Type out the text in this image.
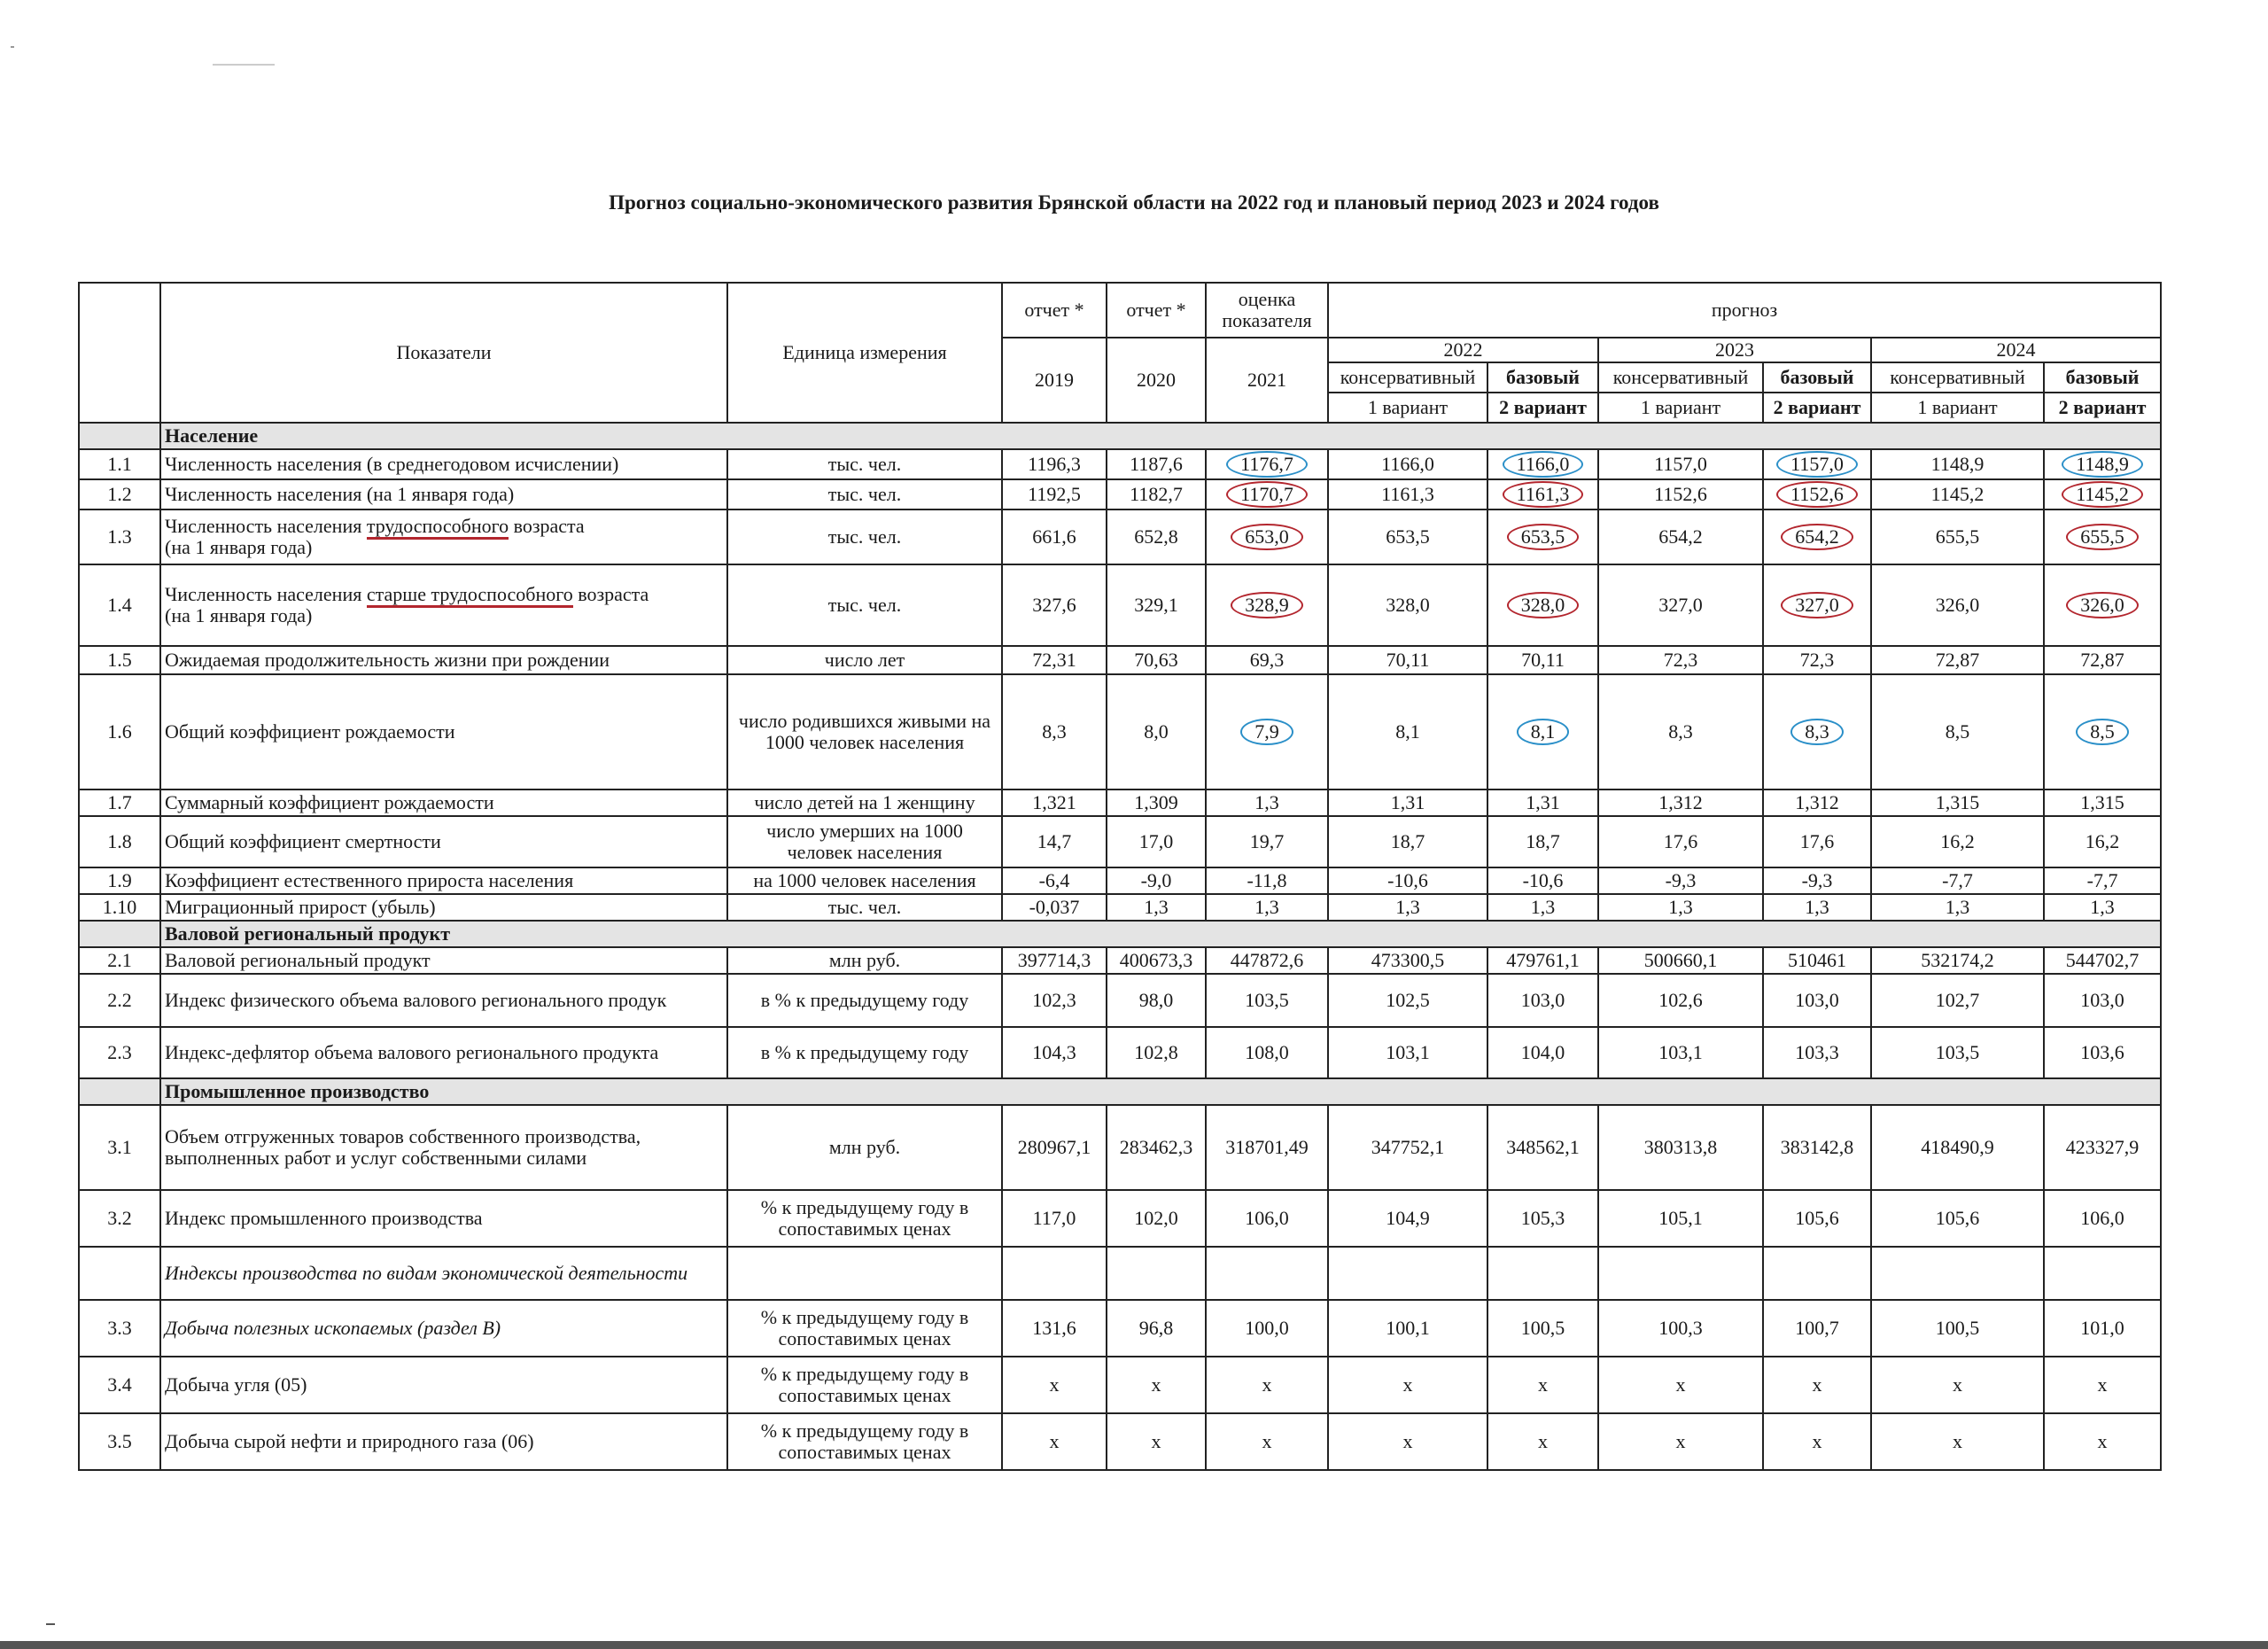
Прогноз социально-экономического развития Брянской области на 2022 год и плановый период 2023 и 2024 годов
	Показатели	Единица измерения	отчет *	отчет *	оценка показателя	прогноз					
			2019	2020	2021	2022		2023		2024	
						консервативный	базовый	консервативный	базовый	консервативный	базовый
						1 вариант	2 вариант	1 вариант	2 вариант	1 вариант	2 вариант
	Население										
1.1	Численность населения (в среднегодовом исчислении)	тыс. чел.	1196,3	1187,6	1176,7	1166,0	1166,0	1157,0	1157,0	1148,9	1148,9
1.2	Численность населения (на 1 января года)	тыс. чел.	1192,5	1182,7	1170,7	1161,3	1161,3	1152,6	1152,6	1145,2	1145,2
1.3	Численность населения трудоспособного возраста
(на 1 января года)	тыс. чел.	661,6	652,8	653,0	653,5	653,5	654,2	654,2	655,5	655,5
1.4	Численность населения старше трудоспособного возраста
(на 1 января года)	тыс. чел.	327,6	329,1	328,9	328,0	328,0	327,0	327,0	326,0	326,0
1.5	Ожидаемая продолжительность жизни при рождении	число лет	72,31	70,63	69,3	70,11	70,11	72,3	72,3	72,87	72,87
1.6	Общий коэффициент рождаемости	число родившихся живыми на 1000 человек населения	8,3	8,0	7,9	8,1	8,1	8,3	8,3	8,5	8,5
1.7	Суммарный коэффициент рождаемости	число детей на 1 женщину	1,321	1,309	1,3	1,31	1,31	1,312	1,312	1,315	1,315
1.8	Общий коэффициент смертности	число умерших на 1000 человек населения	14,7	17,0	19,7	18,7	18,7	17,6	17,6	16,2	16,2
1.9	Коэффициент естественного прироста населения	на 1000 человек населения	-6,4	-9,0	-11,8	-10,6	-10,6	-9,3	-9,3	-7,7	-7,7
1.10	Миграционный прирост (убыль)	тыс. чел.	-0,037	1,3	1,3	1,3	1,3	1,3	1,3	1,3	1,3
	Валовой региональный продукт										
2.1	Валовой региональный продукт	млн руб.	397714,3	400673,3	447872,6	473300,5	479761,1	500660,1	510461	532174,2	544702,7
2.2	Индекс физического объема валового регионального продук	в % к предыдущему году	102,3	98,0	103,5	102,5	103,0	102,6	103,0	102,7	103,0
2.3	Индекс-дефлятор объема валового регионального продукта	в % к предыдущему году	104,3	102,8	108,0	103,1	104,0	103,1	103,3	103,5	103,6
	Промышленное производство										
3.1	Объем отгруженных товаров собственного производства, выполненных работ и услуг собственными силами	млн руб.	280967,1	283462,3	318701,49	347752,1	348562,1	380313,8	383142,8	418490,9	423327,9
3.2	Индекс промышленного производства	% к предыдущему году в сопоставимых ценах	117,0	102,0	106,0	104,9	105,3	105,1	105,6	105,6	106,0
	Индексы производства по видам экономической деятельности										
3.3	Добыча полезных ископаемых (раздел В)	% к предыдущему году в сопоставимых ценах	131,6	96,8	100,0	100,1	100,5	100,3	100,7	100,5	101,0
3.4	Добыча угля (05)	% к предыдущему году в сопоставимых ценах	x	x	x	x	x	x	x	x	x
3.5	Добыча сырой нефти и природного газа (06)	% к предыдущему году в сопоставимых ценах	x	x	x	x	x	x	x	x	x
